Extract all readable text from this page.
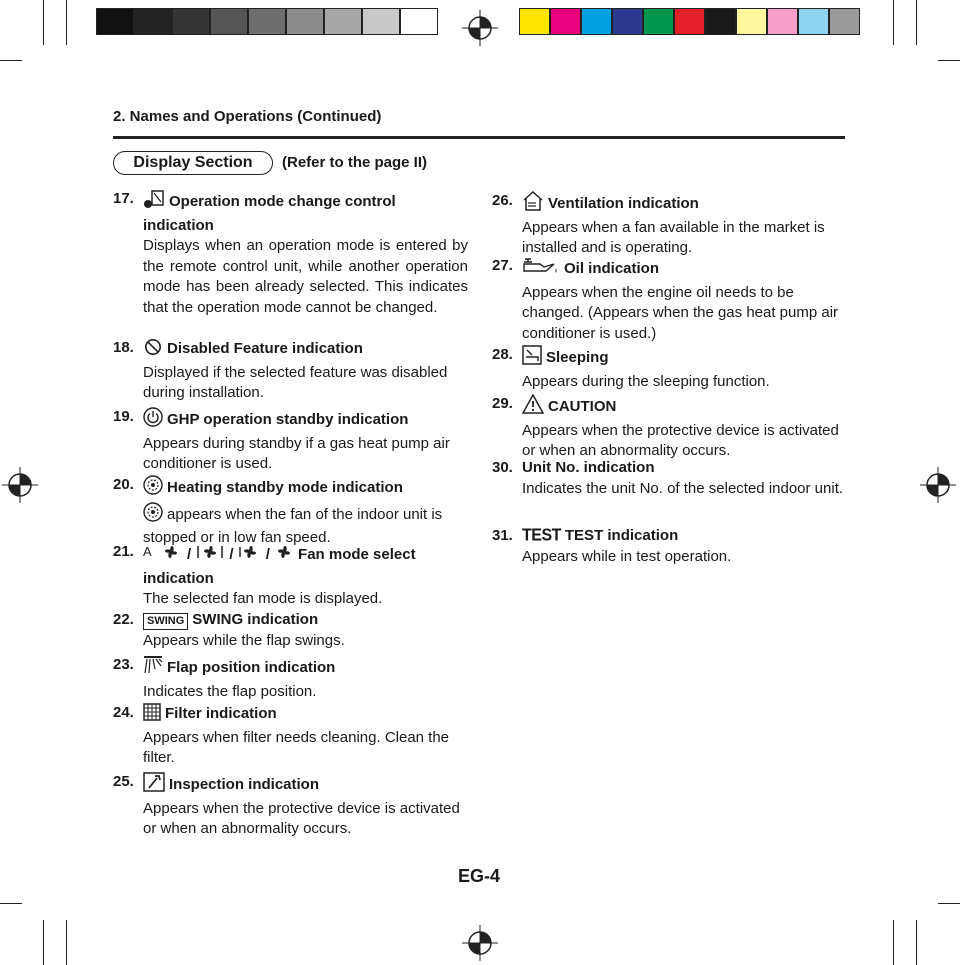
2. Names and Operations (Continued)
Display Section	(Refer to the page II)
17.	Operation mode change control indication
Displays when an operation mode is entered by the remote control unit, while another operation mode has been already selected. This indicates that the operation mode cannot be changed.
18.	Disabled Feature indication
Displayed if the selected feature was disabled during installation.
19.	GHP operation standby indication
Appears during standby if a gas heat pump air conditioner is used.
20.	Heating standby mode indication
appears when the fan of the indoor unit is stopped or in low fan speed.
21. A /	/ / Fan mode select indication
The selected fan mode is displayed.
22.	SWING SWING indication
Appears while the flap swings.
23.	Flap position indication
Indicates the flap position.
24.	Filter indication
Appears when filter needs cleaning. Clean the filter.
25.	Inspection indication
Appears when the protective device is activated or when an abnormality occurs.
26.	Ventilation indication
Appears when a fan available in the market is installed and is operating.
27.	Oil indication
Appears when the engine oil needs to be changed. (Appears when the gas heat pump air conditioner is used.)
28.	Sleeping
Appears during the sleeping function.
29.	CAUTION
Appears when the protective device is activated or when an abnormality occurs.
30. Unit No. indication
Indicates the unit No. of the selected indoor unit.
31. TEST TEST indication
Appears while in test operation.
EG-4
